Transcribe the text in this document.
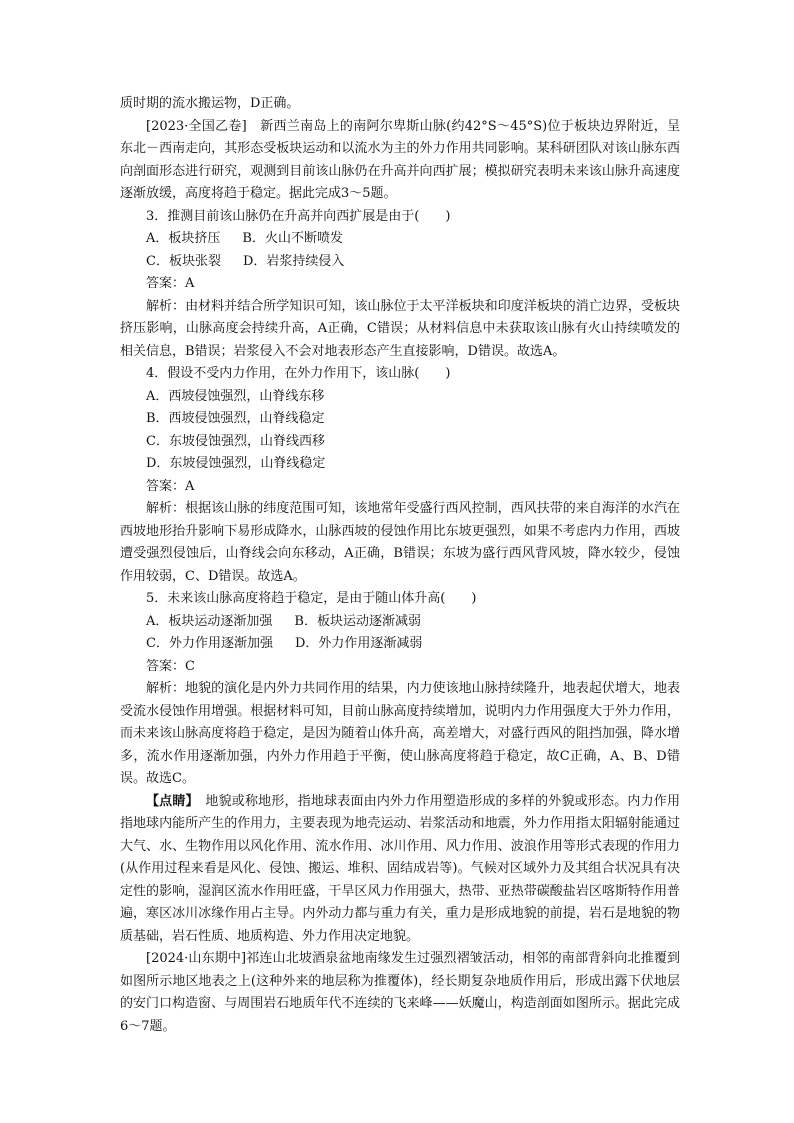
质时期的流水搬运物，D正确。

[2023·全国乙卷]　新西兰南岛上的南阿尔卑斯山脉(约42°S～45°S)位于板块边界附近，呈东北－西南走向，其形态受板块运动和以流水为主的外力作用共同影响。某科研团队对该山脉东西向剖面形态进行研究，观测到目前该山脉仍在升高并向西扩展；模拟研究表明未来该山脉升高速度逐渐放缓，高度将趋于稳定。据此完成3～5题。

3．推测目前该山脉仍在升高并向西扩展是由于(　　)

A．板块挤压 B．火山不断喷发

C．板块张裂 D．岩浆持续侵入

答案：A

解析：由材料并结合所学知识可知，该山脉位于太平洋板块和印度洋板块的消亡边界，受板块挤压影响，山脉高度会持续升高，A正确，C错误；从材料信息中未获取该山脉有火山持续喷发的相关信息，B错误；岩浆侵入不会对地表形态产生直接影响，D错误。故选A。

4．假设不受内力作用，在外力作用下，该山脉(　　)

A．西坡侵蚀强烈，山脊线东移

B．西坡侵蚀强烈，山脊线稳定

C．东坡侵蚀强烈，山脊线西移

D．东坡侵蚀强烈，山脊线稳定

答案：A

解析：根据该山脉的纬度范围可知，该地常年受盛行西风控制，西风扶带的来自海洋的水汽在西坡地形抬升影响下易形成降水，山脉西坡的侵蚀作用比东坡更强烈，如果不考虑内力作用，西坡遭受强烈侵蚀后，山脊线会向东移动，A正确，B错误；东坡为盛行西风背风坡，降水较少，侵蚀作用较弱，C、D错误。故选A。

5．未来该山脉高度将趋于稳定，是由于随山体升高(　　)

A．板块运动逐渐加强 B．板块运动逐渐减弱

C．外力作用逐渐加强 D．外力作用逐渐减弱

答案：C

解析：地貌的演化是内外力共同作用的结果，内力使该地山脉持续隆升，地表起伏增大，地表受流水侵蚀作用增强。根据材料可知，目前山脉高度持续增加，说明内力作用强度大于外力作用，而未来该山脉高度将趋于稳定，是因为随着山体升高，高差增大，对盛行西风的阻挡加强，降水增多，流水作用逐渐加强，内外力作用趋于平衡，使山脉高度将趋于稳定，故C正确，A、B、D错误。故选C。

【点睛】　地貌或称地形，指地球表面由内外力作用塑造形成的多样的外貌或形态。内力作用指地球内能所产生的作用力，主要表现为地壳运动、岩浆活动和地震，外力作用指太阳辐射能通过大气、水、生物作用以风化作用、流水作用、冰川作用、风力作用、波浪作用等形式表现的作用力(从作用过程来看是风化、侵蚀、搬运、堆积、固结成岩等)。气候对区域外力及其组合状况具有决定性的影响，湿润区流水作用旺盛，干旱区风力作用强大，热带、亚热带碳酸盐岩区喀斯特作用普遍，寒区冰川冰缘作用占主导。内外动力都与重力有关，重力是形成地貌的前提，岩石是地貌的物质基础，岩石性质、地质构造、外力作用决定地貌。

[2024·山东期中]祁连山北坡酒泉盆地南缘发生过强烈褶皱活动，相邻的南部背斜向北推覆到如图所示地区地表之上(这种外来的地层称为推覆体)，经长期复杂地质作用后，形成出露下伏地层的安门口构造窗、与周围岩石地质年代不连续的飞来峰——妖魔山，构造剖面如图所示。据此完成6～7题。
